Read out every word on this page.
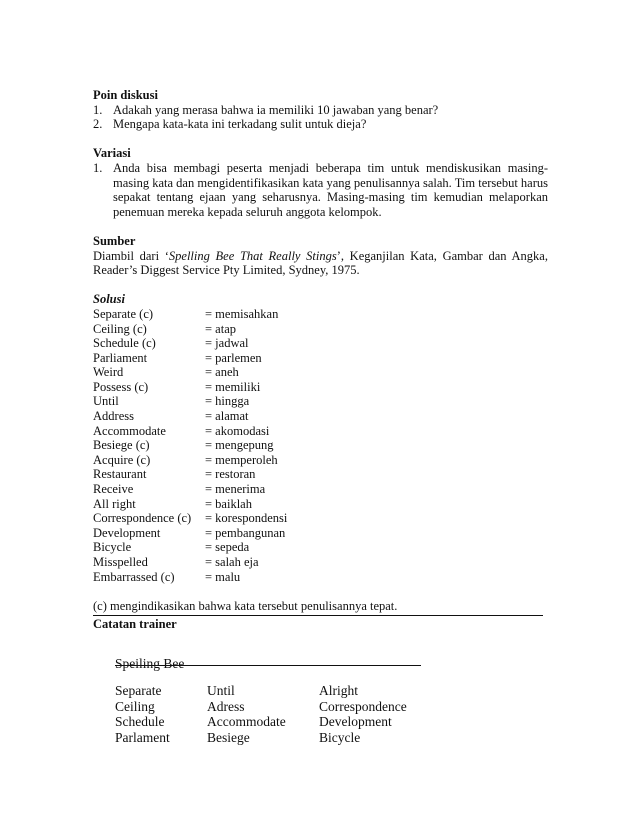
Poin diskusi
1. Adakah yang merasa bahwa ia memiliki 10 jawaban yang benar?
2. Mengapa kata-kata ini terkadang sulit untuk dieja?
Variasi
1. Anda bisa membagi peserta menjadi beberapa tim untuk mendiskusikan masing-masing kata dan mengidentifikasikan kata yang penulisannya salah. Tim tersebut harus sepakat tentang ejaan yang seharusnya. Masing-masing tim kemudian melaporkan penemuan mereka kepada seluruh anggota kelompok.
Sumber
Diambil dari ‘Spelling Bee That Really Stings’, Keganjilan Kata, Gambar dan Angka, Reader’s Diggest Service Pty Limited, Sydney, 1975.
Solusi
Separate (c)	= memisahkan
Ceiling (c)	= atap
Schedule (c)	= jadwal
Parliament	= parlemen
Weird	= aneh
Possess (c)	= memiliki
Until	= hingga
Address	= alamat
Accommodate	= akomodasi
Besiege (c)	= mengepung
Acquire (c)	= memperoleh
Restaurant	= restoran
Receive	= menerima
All right	= baiklah
Correspondence (c)	= korespondensi
Development	= pembangunan
Bicycle	= sepeda
Misspelled	= salah eja
Embarrassed (c)	= malu
(c) mengindikasikan bahwa kata tersebut penulisannya tepat.
Catatan trainer
Speiling Bee
Separate	Until	Alright
Ceiling	Adress	Correspondence
Schedule	Accommodate	Development
Parlament	Besiege	Bicycle
